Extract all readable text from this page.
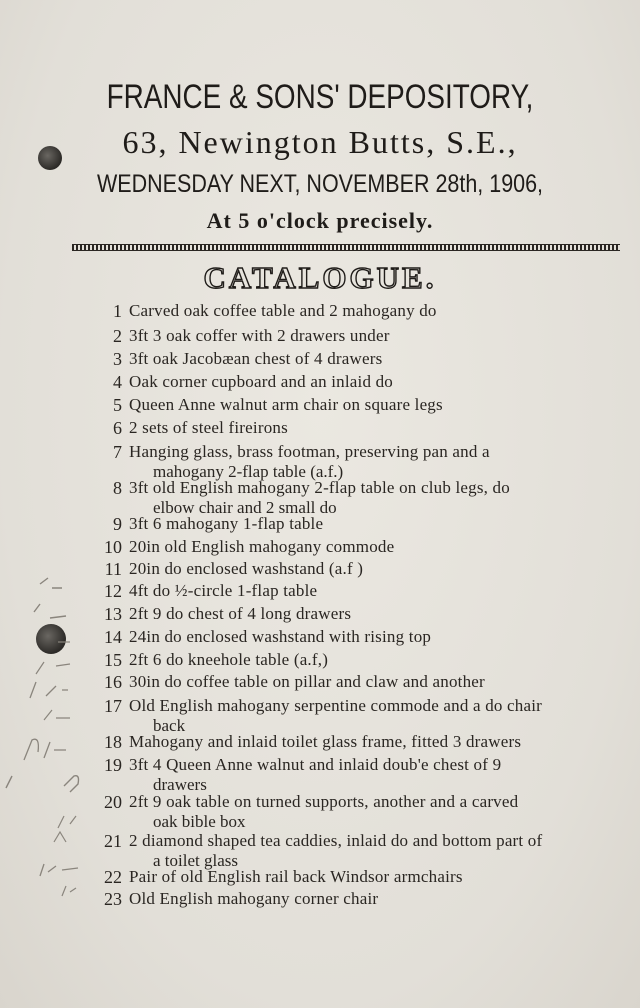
FRANCE & SONS' DEPOSITORY,
63, Newington Butts, S.E.,
WEDNESDAY NEXT, NOVEMBER 28th, 1906,
At 5 o'clock precisely.
CATALOGUE.
1 Carved oak coffee table and 2 mahogany do
2 3ft 3 oak coffer with 2 drawers under
3 3ft oak Jacobæan chest of 4 drawers
4 Oak corner cupboard and an inlaid do
5 Queen Anne walnut arm chair on square legs
6 2 sets of steel fireirons
7 Hanging glass, brass footman, preserving pan and a
mahogany 2-flap table (a.f.)
8 3ft old English mahogany 2-flap table on club legs, do
elbow chair and 2 small do
9 3ft 6 mahogany 1-flap table
10 20in old English mahogany commode
11 20in do enclosed washstand (a.f )
12 4ft do ½-circle 1-flap table
13 2ft 9 do chest of 4 long drawers
14 24in do enclosed washstand with rising top
15 2ft 6 do kneehole table (a.f,)
16 30in do coffee table on pillar and claw and another
17 Old English mahogany serpentine commode and a do chair
back
18 Mahogany and inlaid toilet glass frame, fitted 3 drawers
19 3ft 4 Queen Anne walnut and inlaid doub'e chest of 9
drawers
20 2ft 9 oak table on turned supports, another and a carved
oak bible box
21 2 diamond shaped tea caddies, inlaid do and bottom part of
a toilet glass
22 Pair of old English rail back Windsor armchairs
23 Old English mahogany corner chair
